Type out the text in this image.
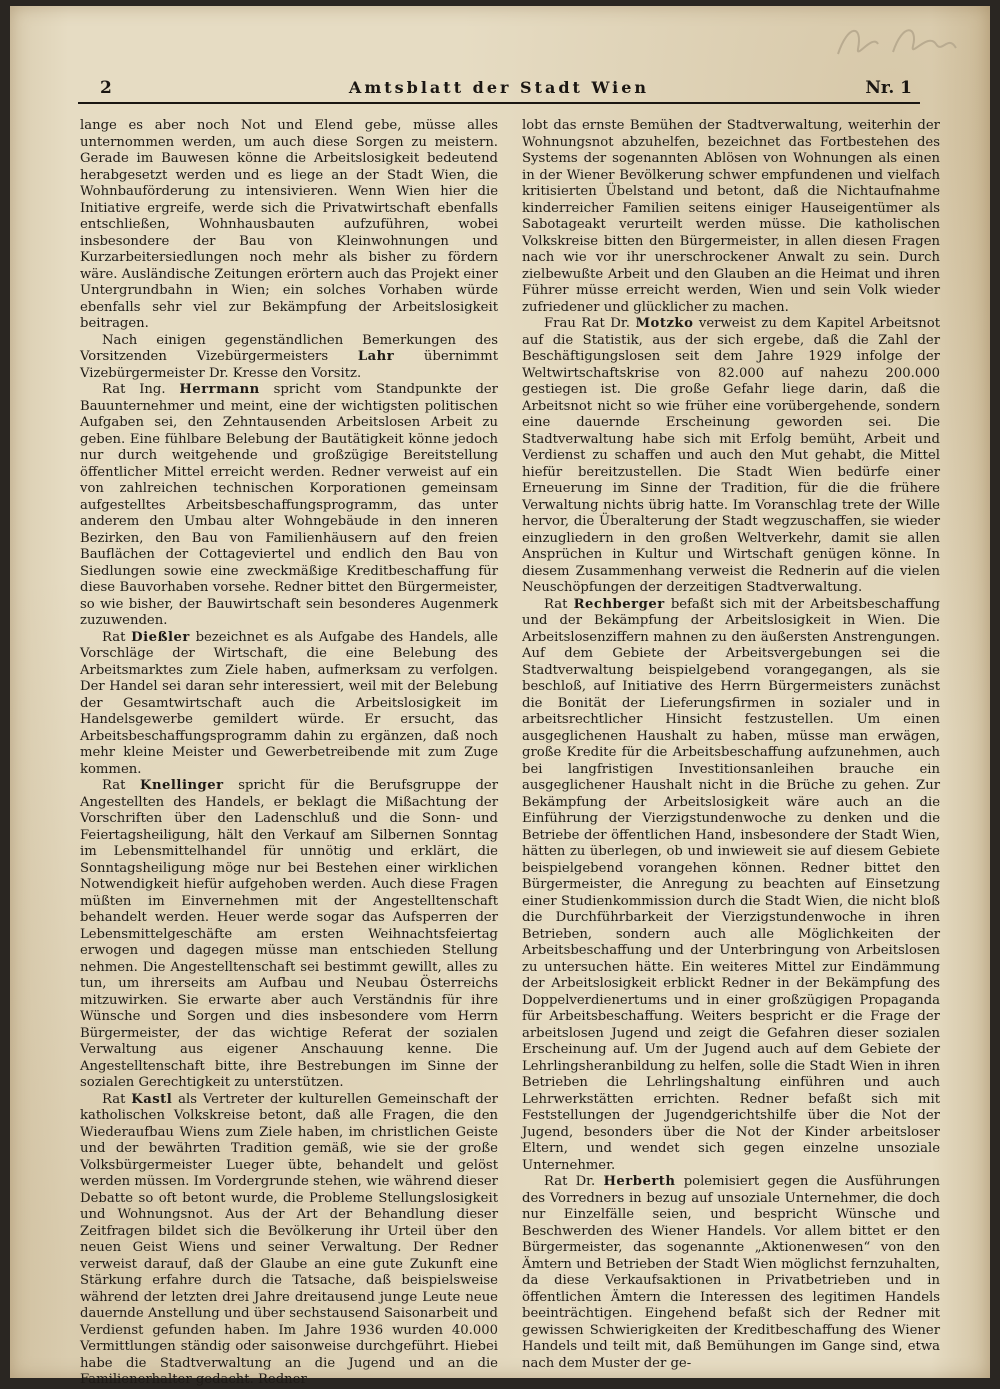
2	Amtsblatt der Stadt Wien	Nr. 1

lange es aber noch Not und Elend gebe, müsse alles unternommen werden, um auch diese Sorgen zu meistern. Gerade im Bauwesen könne die Arbeitslosigkeit bedeutend herabgesetzt werden und es liege an der Stadt Wien, die Wohnbauförderung zu intensivieren. Wenn Wien hier die Initiative ergreife, werde sich die Privatwirtschaft ebenfalls entschließen, Wohnhausbauten aufzuführen, wobei insbesondere der Bau von Kleinwohnungen und Kurzarbeitersiedlungen noch mehr als bisher zu fördern wäre. Ausländische Zeitungen erörtern auch das Projekt einer Untergrundbahn in Wien; ein solches Vorhaben würde ebenfalls sehr viel zur Bekämpfung der Arbeitslosigkeit beitragen.

Nach einigen gegenständlichen Bemerkungen des Vorsitzenden Vizebürgermeisters Lahr übernimmt Vizebürgermeister Dr. Kresse den Vorsitz.

Rat Ing. Herrmann spricht vom Standpunkte der Bauunternehmer und meint, eine der wichtigsten politischen Aufgaben sei, den Zehntausenden Arbeitslosen Arbeit zu geben. Eine fühlbare Belebung der Bautätigkeit könne jedoch nur durch weitgehende und großzügige Bereitstellung öffentlicher Mittel erreicht werden. Redner verweist auf ein von zahlreichen technischen Korporationen gemeinsam aufgestelltes Arbeitsbeschaffungsprogramm, das unter anderem den Umbau alter Wohngebäude in den inneren Bezirken, den Bau von Familienhäusern auf den freien Bauflächen der Cottageviertel und endlich den Bau von Siedlungen sowie eine zweckmäßige Kreditbeschaffung für diese Bauvorhaben vorsehe. Redner bittet den Bürgermeister, so wie bisher, der Bauwirtschaft sein besonderes Augenmerk zuzuwenden.

Rat Dießler bezeichnet es als Aufgabe des Handels, alle Vorschläge der Wirtschaft, die eine Belebung des Arbeitsmarktes zum Ziele haben, aufmerksam zu verfolgen. Der Handel sei daran sehr interessiert, weil mit der Belebung der Gesamtwirtschaft auch die Arbeitslosigkeit im Handelsgewerbe gemildert würde. Er ersucht, das Arbeitsbeschaffungsprogramm dahin zu ergänzen, daß noch mehr kleine Meister und Gewerbetreibende mit zum Zuge kommen.

Rat Knellinger spricht für die Berufsgruppe der Angestellten des Handels, er beklagt die Mißachtung der Vorschriften über den Ladenschluß und die Sonn- und Feiertagsheiligung, hält den Verkauf am Silbernen Sonntag im Lebensmittelhandel für unnötig und erklärt, die Sonntagsheiligung möge nur bei Bestehen einer wirklichen Notwendigkeit hiefür aufgehoben werden. Auch diese Fragen müßten im Einvernehmen mit der Angestelltenschaft behandelt werden. Heuer werde sogar das Aufsperren der Lebensmittelgeschäfte am ersten Weihnachtsfeiertag erwogen und dagegen müsse man entschieden Stellung nehmen. Die Angestelltenschaft sei bestimmt gewillt, alles zu tun, um ihrerseits am Aufbau und Neubau Österreichs mitzuwirken. Sie erwarte aber auch Verständnis für ihre Wünsche und Sorgen und dies insbesondere vom Herrn Bürgermeister, der das wichtige Referat der sozialen Verwaltung aus eigener Anschauung kenne. Die Angestelltenschaft bitte, ihre Bestrebungen im Sinne der sozialen Gerechtigkeit zu unterstützen.

Rat Kastl als Vertreter der kulturellen Gemeinschaft der katholischen Volkskreise betont, daß alle Fragen, die den Wiederaufbau Wiens zum Ziele haben, im christlichen Geiste und der bewährten Tradition gemäß, wie sie der große Volksbürgermeister Lueger übte, behandelt und gelöst werden müssen. Im Vordergrunde stehen, wie während dieser Debatte so oft betont wurde, die Probleme Stellungslosigkeit und Wohnungsnot. Aus der Art der Behandlung dieser Zeitfragen bildet sich die Bevölkerung ihr Urteil über den neuen Geist Wiens und seiner Verwaltung. Der Redner verweist darauf, daß der Glaube an eine gute Zukunft eine Stärkung erfahre durch die Tatsache, daß beispielsweise während der letzten drei Jahre dreitausend junge Leute neue dauernde Anstellung und über sechstausend Saisonarbeit und Verdienst gefunden haben. Im Jahre 1936 wurden 40.000 Vermittlungen ständig oder saisonweise durchgeführt. Hiebei habe die Stadtverwaltung an die Jugend und an die Familienerhalter gedacht. Redner

lobt das ernste Bemühen der Stadtverwaltung, weiterhin der Wohnungsnot abzuhelfen, bezeichnet das Fortbestehen des Systems der sogenannten Ablösen von Wohnungen als einen in der Wiener Bevölkerung schwer empfundenen und vielfach kritisierten Übelstand und betont, daß die Nichtaufnahme kinderreicher Familien seitens einiger Hauseigentümer als Sabotageakt verurteilt werden müsse. Die katholischen Volkskreise bitten den Bürgermeister, in allen diesen Fragen nach wie vor ihr unerschrockener Anwalt zu sein. Durch zielbewußte Arbeit und den Glauben an die Heimat und ihren Führer müsse erreicht werden, Wien und sein Volk wieder zufriedener und glücklicher zu machen.

Frau Rat Dr. Motzko verweist zu dem Kapitel Arbeitsnot auf die Statistik, aus der sich ergebe, daß die Zahl der Beschäftigungslosen seit dem Jahre 1929 infolge der Weltwirtschaftskrise von 82.000 auf nahezu 200.000 gestiegen ist. Die große Gefahr liege darin, daß die Arbeitsnot nicht so wie früher eine vorübergehende, sondern eine dauernde Erscheinung geworden sei. Die Stadtverwaltung habe sich mit Erfolg bemüht, Arbeit und Verdienst zu schaffen und auch den Mut gehabt, die Mittel hiefür bereitzustellen. Die Stadt Wien bedürfe einer Erneuerung im Sinne der Tradition, für die die frühere Verwaltung nichts übrig hatte. Im Voranschlag trete der Wille hervor, die Überalterung der Stadt wegzuschaffen, sie wieder einzugliedern in den großen Weltverkehr, damit sie allen Ansprüchen in Kultur und Wirtschaft genügen könne. In diesem Zusammenhang verweist die Rednerin auf die vielen Neuschöpfungen der derzeitigen Stadtverwaltung.

Rat Rechberger befaßt sich mit der Arbeitsbeschaffung und der Bekämpfung der Arbeitslosigkeit in Wien. Die Arbeitslosenziffern mahnen zu den äußersten Anstrengungen. Auf dem Gebiete der Arbeitsvergebungen sei die Stadtverwaltung beispielgebend vorangegangen, als sie beschloß, auf Initiative des Herrn Bürgermeisters zunächst die Bonität der Lieferungsfirmen in sozialer und in arbeitsrechtlicher Hinsicht festzustellen. Um einen ausgeglichenen Haushalt zu haben, müsse man erwägen, große Kredite für die Arbeitsbeschaffung aufzunehmen, auch bei langfristigen Investitionsanleihen brauche ein ausgeglichener Haushalt nicht in die Brüche zu gehen. Zur Bekämpfung der Arbeitslosigkeit wäre auch an die Einführung der Vierzigstundenwoche zu denken und die Betriebe der öffentlichen Hand, insbesondere der Stadt Wien, hätten zu überlegen, ob und inwieweit sie auf diesem Gebiete beispielgebend vorangehen können. Redner bittet den Bürgermeister, die Anregung zu beachten auf Einsetzung einer Studienkommission durch die Stadt Wien, die nicht bloß die Durchführbarkeit der Vierzigstundenwoche in ihren Betrieben, sondern auch alle Möglichkeiten der Arbeitsbeschaffung und der Unterbringung von Arbeitslosen zu untersuchen hätte. Ein weiteres Mittel zur Eindämmung der Arbeitslosigkeit erblickt Redner in der Bekämpfung des Doppelverdienertums und in einer großzügigen Propaganda für Arbeitsbeschaffung. Weiters bespricht er die Frage der arbeitslosen Jugend und zeigt die Gefahren dieser sozialen Erscheinung auf. Um der Jugend auch auf dem Gebiete der Lehrlingsheranbildung zu helfen, solle die Stadt Wien in ihren Betrieben die Lehrlingshaltung einführen und auch Lehrwerkstätten errichten. Redner befaßt sich mit Feststellungen der Jugendgerichtshilfe über die Not der Jugend, besonders über die Not der Kinder arbeitsloser Eltern, und wendet sich gegen einzelne unsoziale Unternehmer.

Rat Dr. Herberth polemisiert gegen die Ausführungen des Vorredners in bezug auf unsoziale Unternehmer, die doch nur Einzelfälle seien, und bespricht Wünsche und Beschwerden des Wiener Handels. Vor allem bittet er den Bürgermeister, das sogenannte „Aktionenwesen“ von den Ämtern und Betrieben der Stadt Wien möglichst fernzuhalten, da diese Verkaufsaktionen in Privatbetrieben und in öffentlichen Ämtern die Interessen des legitimen Handels beeinträchtigen. Eingehend befaßt sich der Redner mit gewissen Schwierigkeiten der Kreditbeschaffung des Wiener Handels und teilt mit, daß Bemühungen im Gange sind, etwa nach dem Muster der ge-
